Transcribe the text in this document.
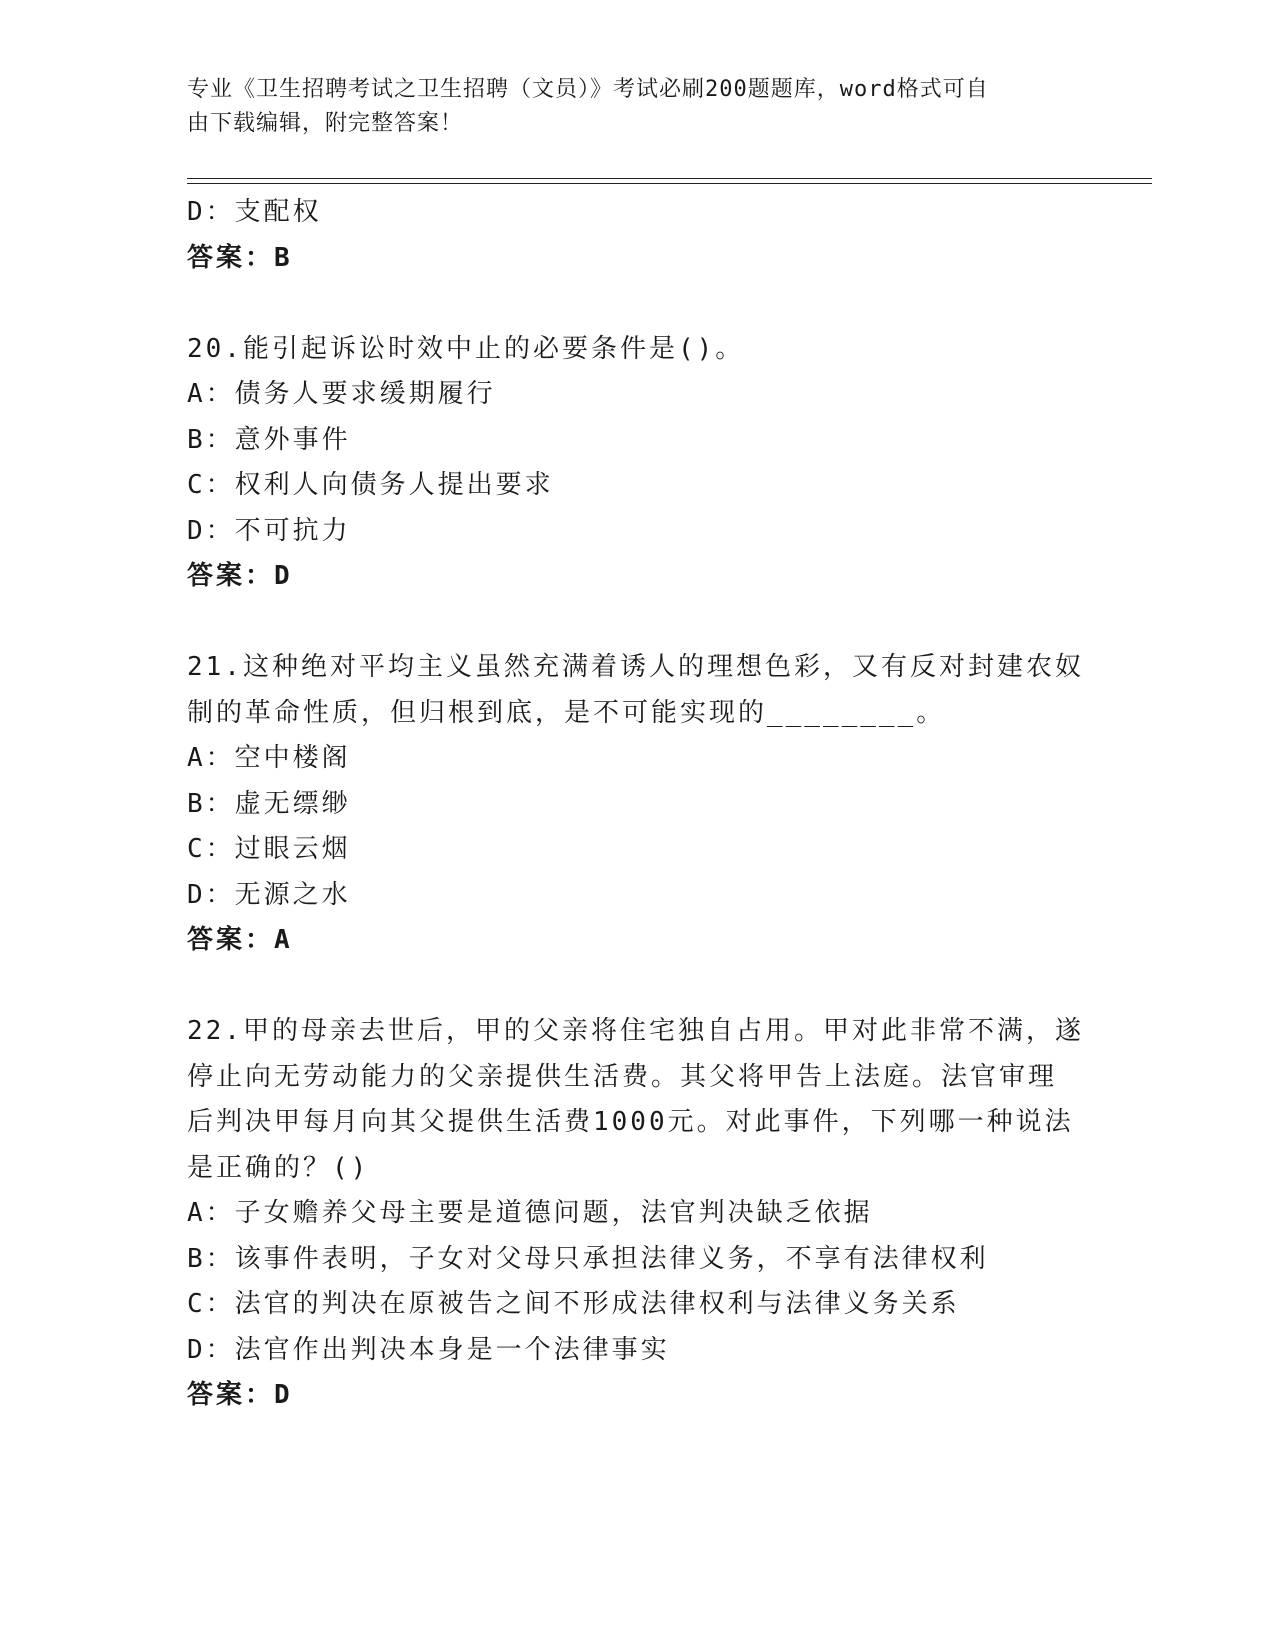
专业《卫生招聘考试之卫生招聘（文员）》考试必刷200题题库，word格式可自
由下载编辑，附完整答案！
D：支配权
答案：B
20.能引起诉讼时效中止的必要条件是()。
A：债务人要求缓期履行
B：意外事件
C：权利人向债务人提出要求
D：不可抗力
答案：D
21.这种绝对平均主义虽然充满着诱人的理想色彩，又有反对封建农奴
制的革命性质，但归根到底，是不可能实现的________。
A：空中楼阁
B：虚无缥缈
C：过眼云烟
D：无源之水
答案：A
22.甲的母亲去世后，甲的父亲将住宅独自占用。甲对此非常不满，遂
停止向无劳动能力的父亲提供生活费。其父将甲告上法庭。法官审理
后判决甲每月向其父提供生活费1000元。对此事件，下列哪一种说法
是正确的？()
A：子女赡养父母主要是道德问题，法官判决缺乏依据
B：该事件表明，子女对父母只承担法律义务，不享有法律权利
C：法官的判决在原被告之间不形成法律权利与法律义务关系
D：法官作出判决本身是一个法律事实
答案：D
